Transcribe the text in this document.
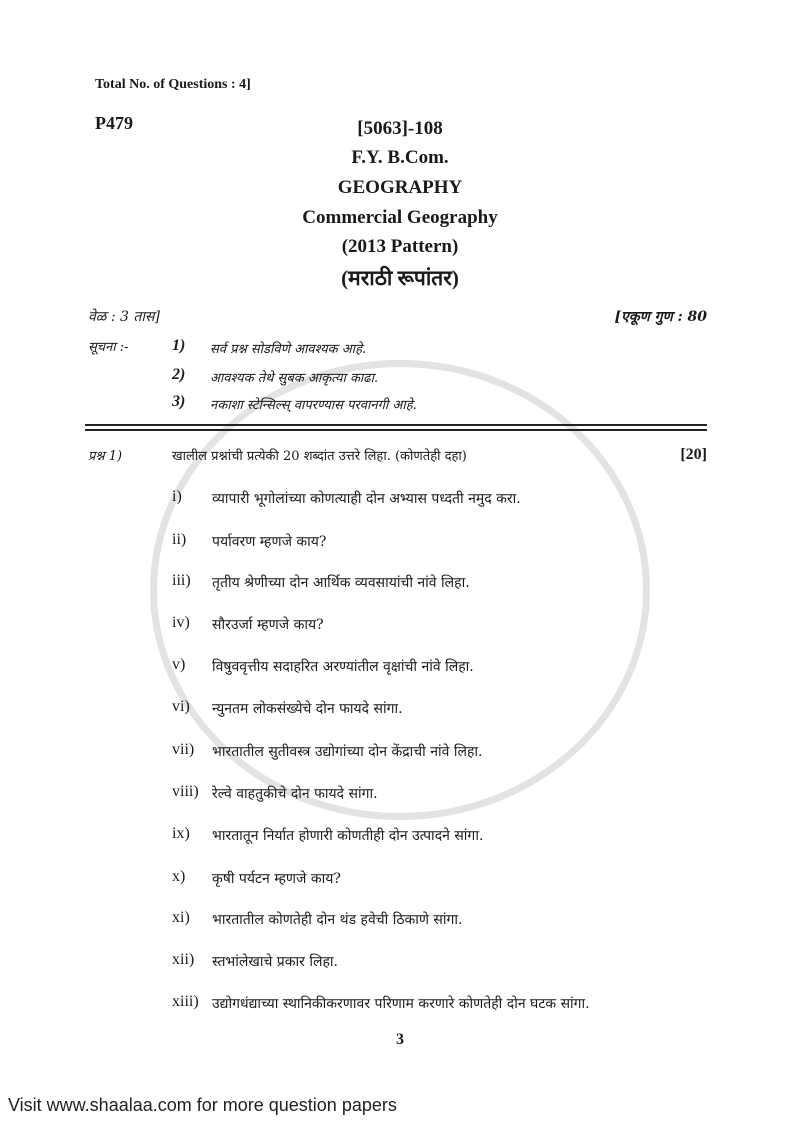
Total No. of Questions : 4]
P479	[5063]-108
F.Y. B.Com.
GEOGRAPHY
Commercial Geography
(2013 Pattern)
(मराठी रूपांतर)
वेळ : 3 तास]	[एकूण गुण : 80
सूचना :-	1) सर्व प्रश्न सोडविणे आवश्यक आहे.
2) आवश्यक तेथे सुबक आकृत्या काढा.
3) नकाशा स्टेन्सिल्स् वापरण्यास परवानगी आहे.
प्रश्न 1)	खालील प्रश्नांची प्रत्येकी 20 शब्दांत उत्तरे लिहा. (कोणतेही दहा)	[20]
i) व्यापारी भूगोलांच्या कोणत्याही दोन अभ्यास पध्दती नमुद करा.
ii) पर्यावरण म्हणजे काय?
iii) तृतीय श्रेणीच्या दोन आर्थिक व्यवसायांची नांवे लिहा.
iv) सौरउर्जा म्हणजे काय?
v) विषुववृत्तीय सदाहरित अरण्यांतील वृक्षांची नांवे लिहा.
vi) न्युनतम लोकसंख्येचे दोन फायदे सांगा.
vii) भारतातील सुतीवस्त्र उद्योगांच्या दोन केंद्राची नांवे लिहा.
viii) रेल्वे वाहतुकीचे दोन फायदे सांगा.
ix) भारतातून निर्यात होणारी कोणतीही दोन उत्पादने सांगा.
x) कृषी पर्यटन म्हणजे काय?
xi) भारतातील कोणतेही दोन थंड हवेची ठिकाणे सांगा.
xii) स्तभांलेखाचे प्रकार लिहा.
xiii) उद्योगधंद्याच्या स्थानिकीकरणावर परिणाम करणारे कोणतेही दोन घटक सांगा.
3
Visit www.shaalaa.com for more question papers
